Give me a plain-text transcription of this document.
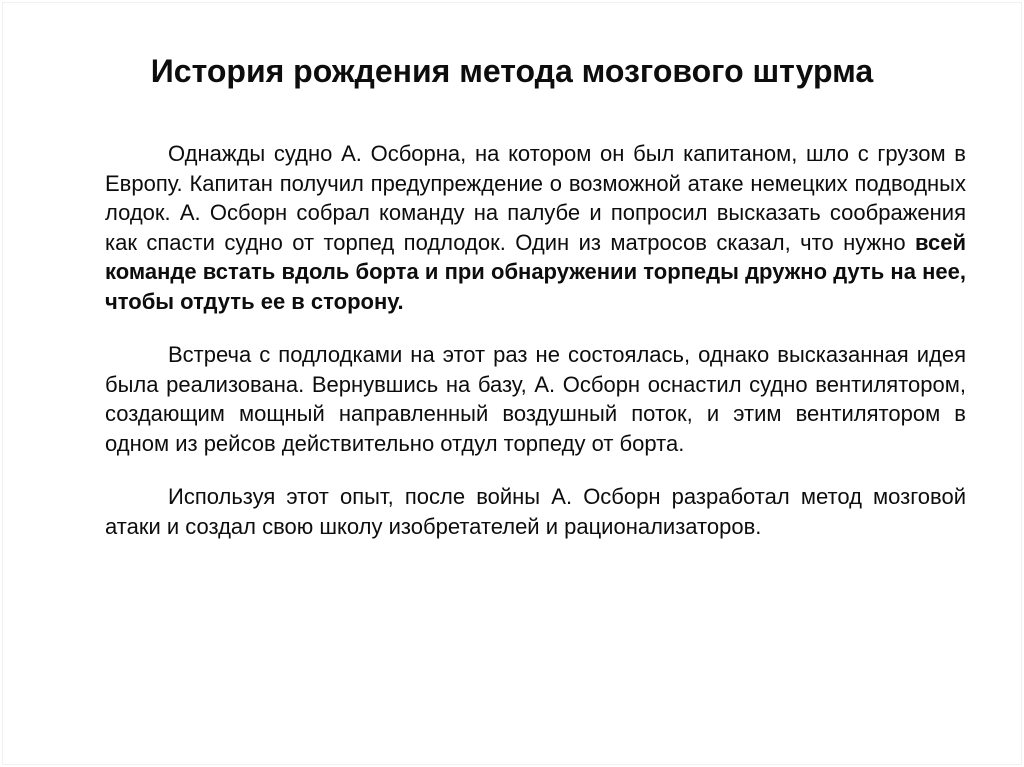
История рождения метода мозгового штурма

Однажды судно А. Осборна, на котором он был капитаном, шло с грузом в Европу. Капитан получил предупреждение о возможной атаке немецких подводных лодок. А. Осборн собрал команду на палубе и попросил высказать соображения как спасти судно от торпед подлодок. Один из матросов сказал, что нужно всей команде встать вдоль борта и при обнаружении торпеды дружно дуть на нее, чтобы отдуть ее в сторону.

Встреча с подлодками на этот раз не состоялась, однако высказанная идея была реализована. Вернувшись на базу, А. Осборн оснастил судно вентилятором, создающим мощный направленный воздушный поток, и этим вентилятором в одном из рейсов действительно отдул торпеду от борта.

Используя этот опыт, после войны А. Осборн разработал метод мозговой атаки и создал свою школу изобретателей и рационализаторов.
